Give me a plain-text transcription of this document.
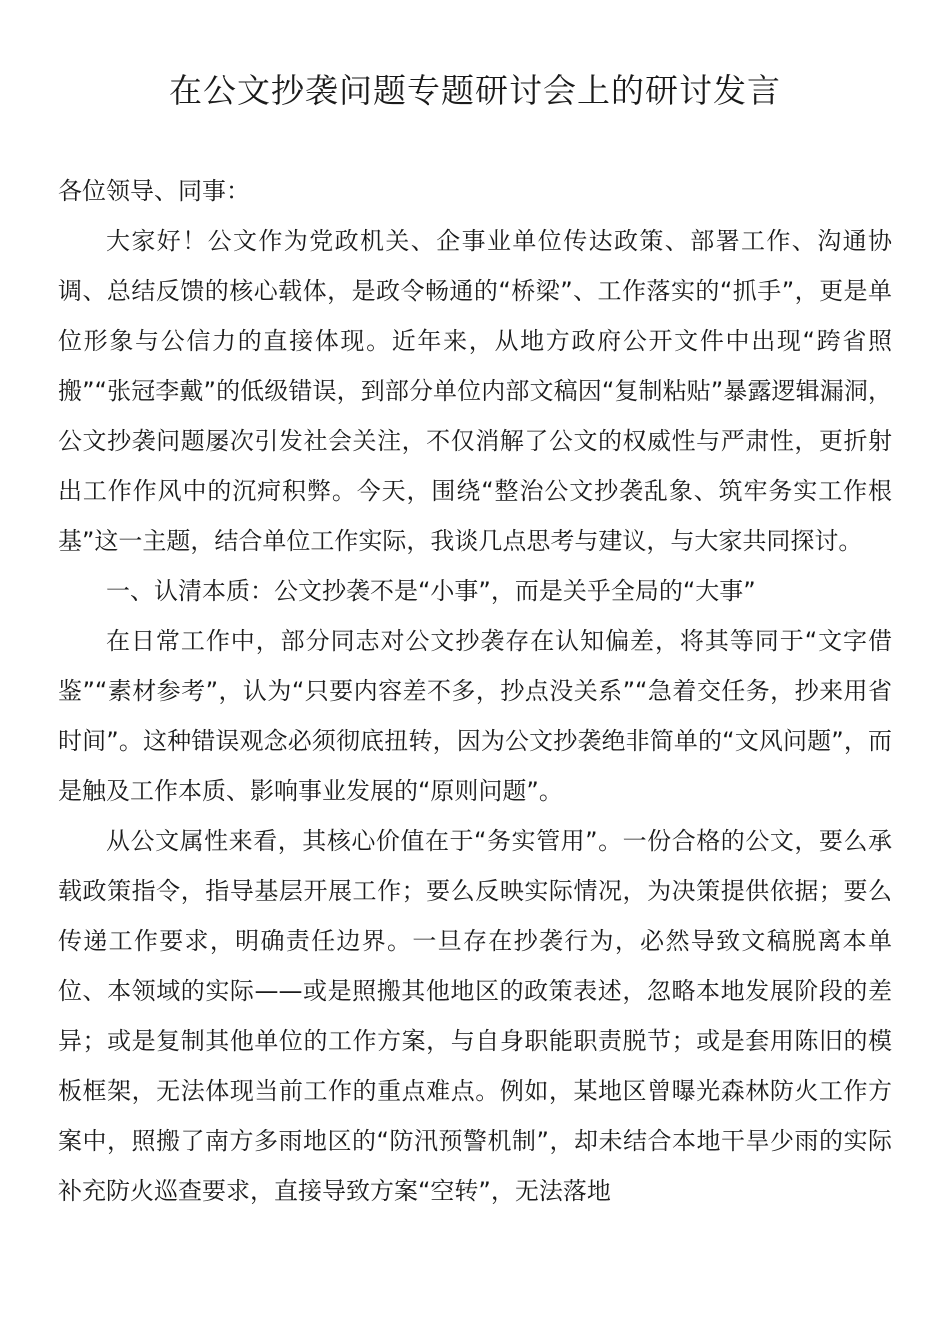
在公文抄袭问题专题研讨会上的研讨发言

各位领导、同事：

大家好！公文作为党政机关、企事业单位传达政策、部署工作、沟通协调、总结反馈的核心载体，是政令畅通的“桥梁”、工作落实的“抓手”，更是单位形象与公信力的直接体现。近年来，从地方政府公开文件中出现“跨省照搬”“张冠李戴”的低级错误，到部分单位内部文稿因“复制粘贴”暴露逻辑漏洞，公文抄袭问题屡次引发社会关注，不仅消解了公文的权威性与严肃性，更折射出工作作风中的沉疴积弊。今天，围绕“整治公文抄袭乱象、筑牢务实工作根基”这一主题，结合单位工作实际，我谈几点思考与建议，与大家共同探讨。

一、认清本质：公文抄袭不是“小事”，而是关乎全局的“大事”

在日常工作中，部分同志对公文抄袭存在认知偏差，将其等同于“文字借鉴”“素材参考”，认为“只要内容差不多，抄点没关系”“急着交任务，抄来用省时间”。这种错误观念必须彻底扭转，因为公文抄袭绝非简单的“文风问题”，而是触及工作本质、影响事业发展的“原则问题”。

从公文属性来看，其核心价值在于“务实管用”。一份合格的公文，要么承载政策指令，指导基层开展工作；要么反映实际情况，为决策提供依据；要么传递工作要求，明确责任边界。一旦存在抄袭行为，必然导致文稿脱离本单位、本领域的实际——或是照搬其他地区的政策表述，忽略本地发展阶段的差异；或是复制其他单位的工作方案，与自身职能职责脱节；或是套用陈旧的模板框架，无法体现当前工作的重点难点。例如，某地区曾曝光森林防火工作方案中，照搬了南方多雨地区的“防汛预警机制”，却未结合本地干旱少雨的实际补充防火巡查要求，直接导致方案“空转”，无法落地
